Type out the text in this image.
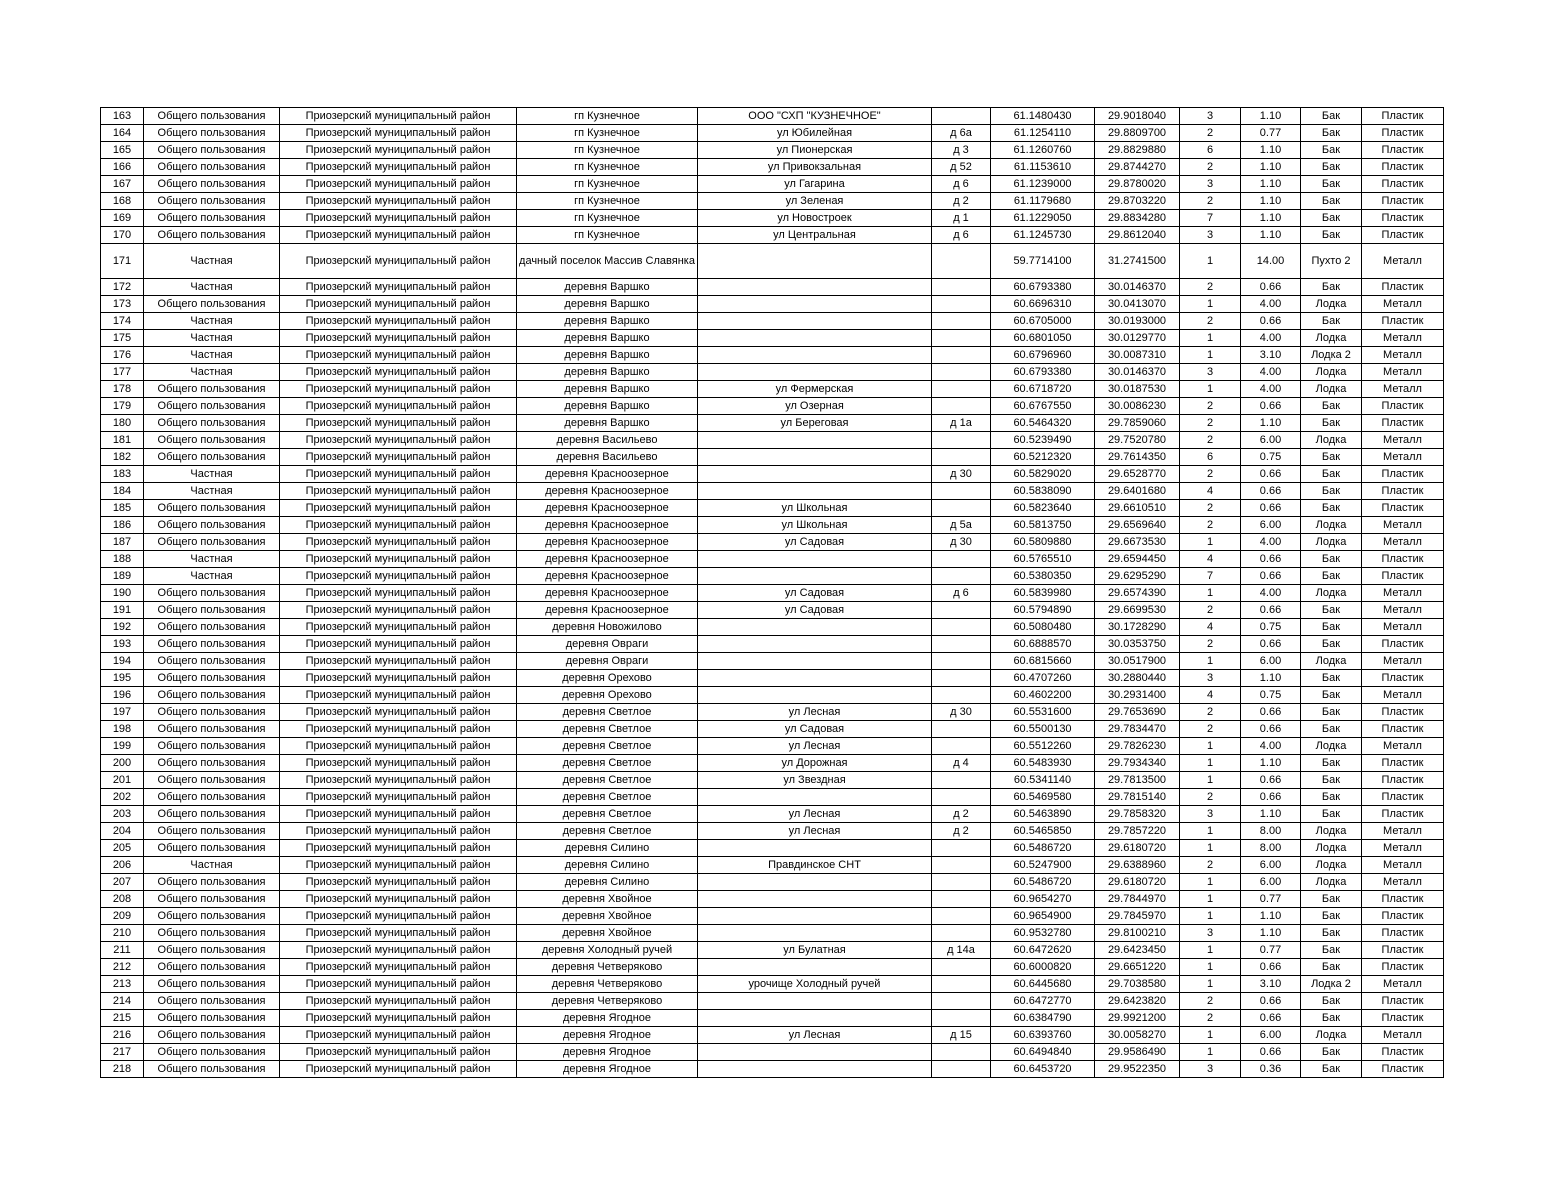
163	Общего пользования	Приозерский муниципальный район	гп Кузнечное	ООО "СХП "КУЗНЕЧНОЕ"		61.1480430	29.9018040	3	1.10	Бак	Пластик
164	Общего пользования	Приозерский муниципальный район	гп Кузнечное	ул Юбилейная	д 6а	61.1254110	29.8809700	2	0.77	Бак	Пластик
165	Общего пользования	Приозерский муниципальный район	гп Кузнечное	ул Пионерская	д 3	61.1260760	29.8829880	6	1.10	Бак	Пластик
166	Общего пользования	Приозерский муниципальный район	гп Кузнечное	ул Привокзальная	д 52	61.1153610	29.8744270	2	1.10	Бак	Пластик
167	Общего пользования	Приозерский муниципальный район	гп Кузнечное	ул Гагарина	д 6	61.1239000	29.8780020	3	1.10	Бак	Пластик
168	Общего пользования	Приозерский муниципальный район	гп Кузнечное	ул Зеленая	д 2	61.1179680	29.8703220	2	1.10	Бак	Пластик
169	Общего пользования	Приозерский муниципальный район	гп Кузнечное	ул Новостроек	д 1	61.1229050	29.8834280	7	1.10	Бак	Пластик
170	Общего пользования	Приозерский муниципальный район	гп Кузнечное	ул Центральная	д 6	61.1245730	29.8612040	3	1.10	Бак	Пластик
171	Частная	Приозерский муниципальный район	дачный поселок Массив Славянка			59.7714100	31.2741500	1	14.00	Пухто 2	Металл
172	Частная	Приозерский муниципальный район	деревня Варшко			60.6793380	30.0146370	2	0.66	Бак	Пластик
173	Общего пользования	Приозерский муниципальный район	деревня Варшко			60.6696310	30.0413070	1	4.00	Лодка	Металл
174	Частная	Приозерский муниципальный район	деревня Варшко			60.6705000	30.0193000	2	0.66	Бак	Пластик
175	Частная	Приозерский муниципальный район	деревня Варшко			60.6801050	30.0129770	1	4.00	Лодка	Металл
176	Частная	Приозерский муниципальный район	деревня Варшко			60.6796960	30.0087310	1	3.10	Лодка 2	Металл
177	Частная	Приозерский муниципальный район	деревня Варшко			60.6793380	30.0146370	3	4.00	Лодка	Металл
178	Общего пользования	Приозерский муниципальный район	деревня Варшко	ул Фермерская		60.6718720	30.0187530	1	4.00	Лодка	Металл
179	Общего пользования	Приозерский муниципальный район	деревня Варшко	ул Озерная		60.6767550	30.0086230	2	0.66	Бак	Пластик
180	Общего пользования	Приозерский муниципальный район	деревня Варшко	ул Береговая	д 1а	60.5464320	29.7859060	2	1.10	Бак	Пластик
181	Общего пользования	Приозерский муниципальный район	деревня Васильево			60.5239490	29.7520780	2	6.00	Лодка	Металл
182	Общего пользования	Приозерский муниципальный район	деревня Васильево			60.5212320	29.7614350	6	0.75	Бак	Металл
183	Частная	Приозерский муниципальный район	деревня Красноозерное		д 30	60.5829020	29.6528770	2	0.66	Бак	Пластик
184	Частная	Приозерский муниципальный район	деревня Красноозерное			60.5838090	29.6401680	4	0.66	Бак	Пластик
185	Общего пользования	Приозерский муниципальный район	деревня Красноозерное	ул Школьная		60.5823640	29.6610510	2	0.66	Бак	Пластик
186	Общего пользования	Приозерский муниципальный район	деревня Красноозерное	ул Школьная	д 5а	60.5813750	29.6569640	2	6.00	Лодка	Металл
187	Общего пользования	Приозерский муниципальный район	деревня Красноозерное	ул Садовая	д 30	60.5809880	29.6673530	1	4.00	Лодка	Металл
188	Частная	Приозерский муниципальный район	деревня Красноозерное			60.5765510	29.6594450	4	0.66	Бак	Пластик
189	Частная	Приозерский муниципальный район	деревня Красноозерное			60.5380350	29.6295290	7	0.66	Бак	Пластик
190	Общего пользования	Приозерский муниципальный район	деревня Красноозерное	ул Садовая	д 6	60.5839980	29.6574390	1	4.00	Лодка	Металл
191	Общего пользования	Приозерский муниципальный район	деревня Красноозерное	ул Садовая		60.5794890	29.6699530	2	0.66	Бак	Металл
192	Общего пользования	Приозерский муниципальный район	деревня Новожилово			60.5080480	30.1728290	4	0.75	Бак	Металл
193	Общего пользования	Приозерский муниципальный район	деревня Овраги			60.6888570	30.0353750	2	0.66	Бак	Пластик
194	Общего пользования	Приозерский муниципальный район	деревня Овраги			60.6815660	30.0517900	1	6.00	Лодка	Металл
195	Общего пользования	Приозерский муниципальный район	деревня Орехово			60.4707260	30.2880440	3	1.10	Бак	Пластик
196	Общего пользования	Приозерский муниципальный район	деревня Орехово			60.4602200	30.2931400	4	0.75	Бак	Металл
197	Общего пользования	Приозерский муниципальный район	деревня Светлое	ул Лесная	д 30	60.5531600	29.7653690	2	0.66	Бак	Пластик
198	Общего пользования	Приозерский муниципальный район	деревня Светлое	ул Садовая		60.5500130	29.7834470	2	0.66	Бак	Пластик
199	Общего пользования	Приозерский муниципальный район	деревня Светлое	ул Лесная		60.5512260	29.7826230	1	4.00	Лодка	Металл
200	Общего пользования	Приозерский муниципальный район	деревня Светлое	ул Дорожная	д 4	60.5483930	29.7934340	1	1.10	Бак	Пластик
201	Общего пользования	Приозерский муниципальный район	деревня Светлое	ул Звездная		60.5341140	29.7813500	1	0.66	Бак	Пластик
202	Общего пользования	Приозерский муниципальный район	деревня Светлое			60.5469580	29.7815140	2	0.66	Бак	Пластик
203	Общего пользования	Приозерский муниципальный район	деревня Светлое	ул Лесная	д 2	60.5463890	29.7858320	3	1.10	Бак	Пластик
204	Общего пользования	Приозерский муниципальный район	деревня Светлое	ул Лесная	д 2	60.5465850	29.7857220	1	8.00	Лодка	Металл
205	Общего пользования	Приозерский муниципальный район	деревня Силино			60.5486720	29.6180720	1	8.00	Лодка	Металл
206	Частная	Приозерский муниципальный район	деревня Силино	Правдинское СНТ		60.5247900	29.6388960	2	6.00	Лодка	Металл
207	Общего пользования	Приозерский муниципальный район	деревня Силино			60.5486720	29.6180720	1	6.00	Лодка	Металл
208	Общего пользования	Приозерский муниципальный район	деревня Хвойное			60.9654270	29.7844970	1	0.77	Бак	Пластик
209	Общего пользования	Приозерский муниципальный район	деревня Хвойное			60.9654900	29.7845970	1	1.10	Бак	Пластик
210	Общего пользования	Приозерский муниципальный район	деревня Хвойное			60.9532780	29.8100210	3	1.10	Бак	Пластик
211	Общего пользования	Приозерский муниципальный район	деревня Холодный ручей	ул Булатная	д 14а	60.6472620	29.6423450	1	0.77	Бак	Пластик
212	Общего пользования	Приозерский муниципальный район	деревня Четверяково			60.6000820	29.6651220	1	0.66	Бак	Пластик
213	Общего пользования	Приозерский муниципальный район	деревня Четверяково	урочище Холодный ручей		60.6445680	29.7038580	1	3.10	Лодка 2	Металл
214	Общего пользования	Приозерский муниципальный район	деревня Четверяково			60.6472770	29.6423820	2	0.66	Бак	Пластик
215	Общего пользования	Приозерский муниципальный район	деревня Ягодное			60.6384790	29.9921200	2	0.66	Бак	Пластик
216	Общего пользования	Приозерский муниципальный район	деревня Ягодное	ул Лесная	д 15	60.6393760	30.0058270	1	6.00	Лодка	Металл
217	Общего пользования	Приозерский муниципальный район	деревня Ягодное			60.6494840	29.9586490	1	0.66	Бак	Пластик
218	Общего пользования	Приозерский муниципальный район	деревня Ягодное			60.6453720	29.9522350	3	0.36	Бак	Пластик
